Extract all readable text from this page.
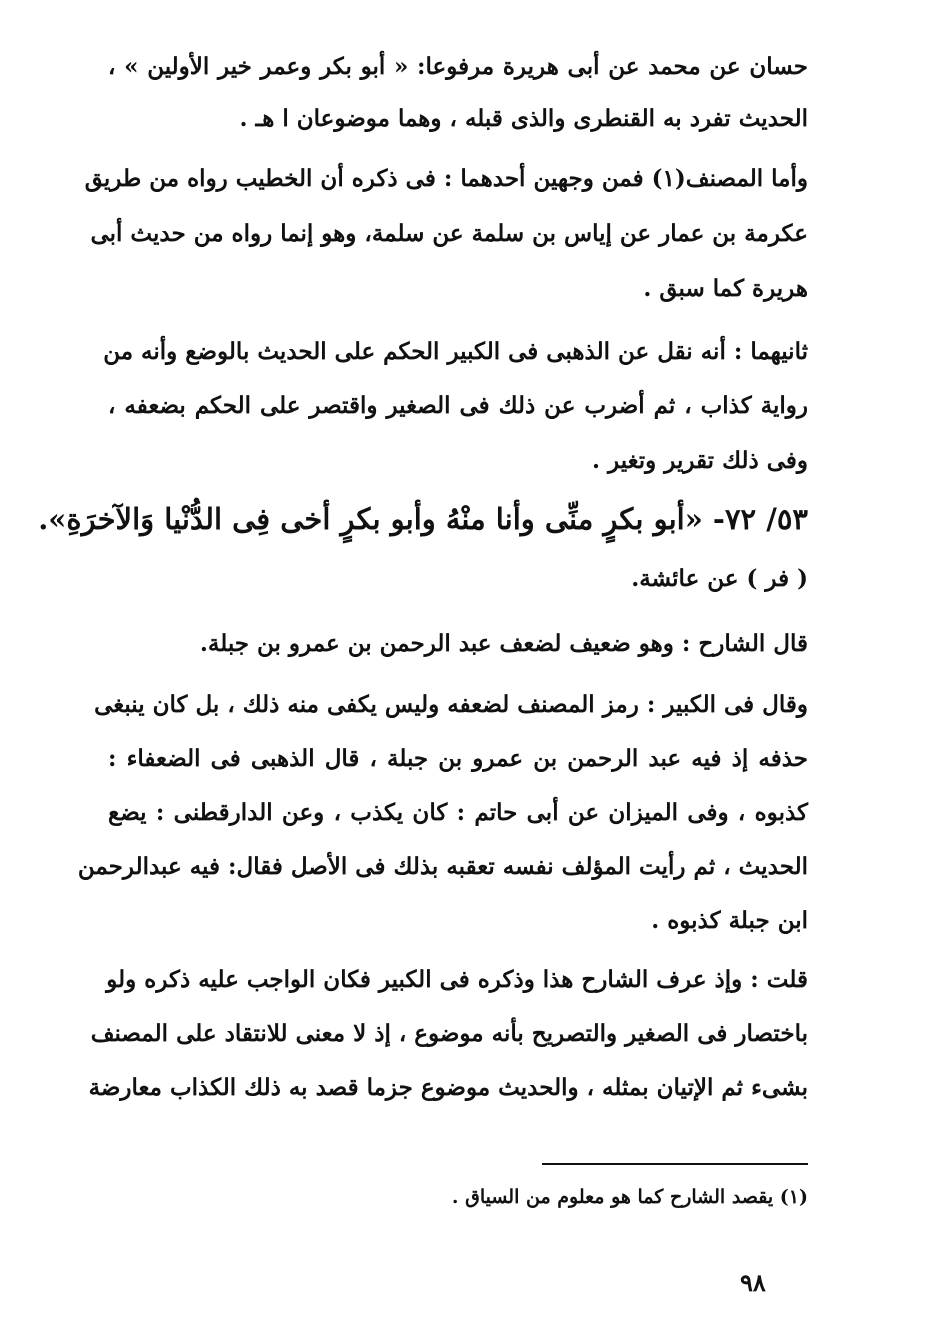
حسان عن محمد عن أبى هريرة مرفوعا: « أبو بكر وعمر خير الأولين » ،
الحديث تفرد به القنطرى والذى قبله ، وهما موضوعان ا هـ .
وأما المصنف(١) فمن وجهين أحدهما : فى ذكره أن الخطيب رواه من طريق
عكرمة بن عمار عن إياس بن سلمة عن سلمة، وهو إنما رواه من حديث أبى
هريرة كما سبق .
ثانيهما : أنه نقل عن الذهبى فى الكبير الحكم على الحديث بالوضع وأنه من
رواية كذاب ، ثم أضرب عن ذلك فى الصغير واقتصر على الحكم بضعفه ،
وفى ذلك تقرير وتغير .
٥٣/ ٧٢- «أبو بكرٍ منِّى وأنا منْهُ وأبو بكرٍ أخى فِى الدُّنْيا وَالآخرَةِ».
( فر ) عن عائشة.
قال الشارح : وهو ضعيف لضعف عبد الرحمن بن عمرو بن جبلة.
وقال فى الكبير : رمز المصنف لضعفه وليس يكفى منه ذلك ، بل كان ينبغى
حذفه إذ فيه عبد الرحمن بن عمرو بن جبلة ، قال الذهبى فى الضعفاء :
كذبوه ، وفى الميزان عن أبى حاتم : كان يكذب ، وعن الدارقطنى : يضع
الحديث ، ثم رأيت المؤلف نفسه تعقبه بذلك فى الأصل فقال: فيه عبدالرحمن
ابن جبلة كذبوه .
قلت : وإذ عرف الشارح هذا وذكره فى الكبير فكان الواجب عليه ذكره ولو
باختصار فى الصغير والتصريح بأنه موضوع ، إذ لا معنى للانتقاد على المصنف
بشىء ثم الإتيان بمثله ، والحديث موضوع جزما قصد به ذلك الكذاب معارضة
(١) يقصد الشارح كما هو معلوم من السياق .
٩٨
